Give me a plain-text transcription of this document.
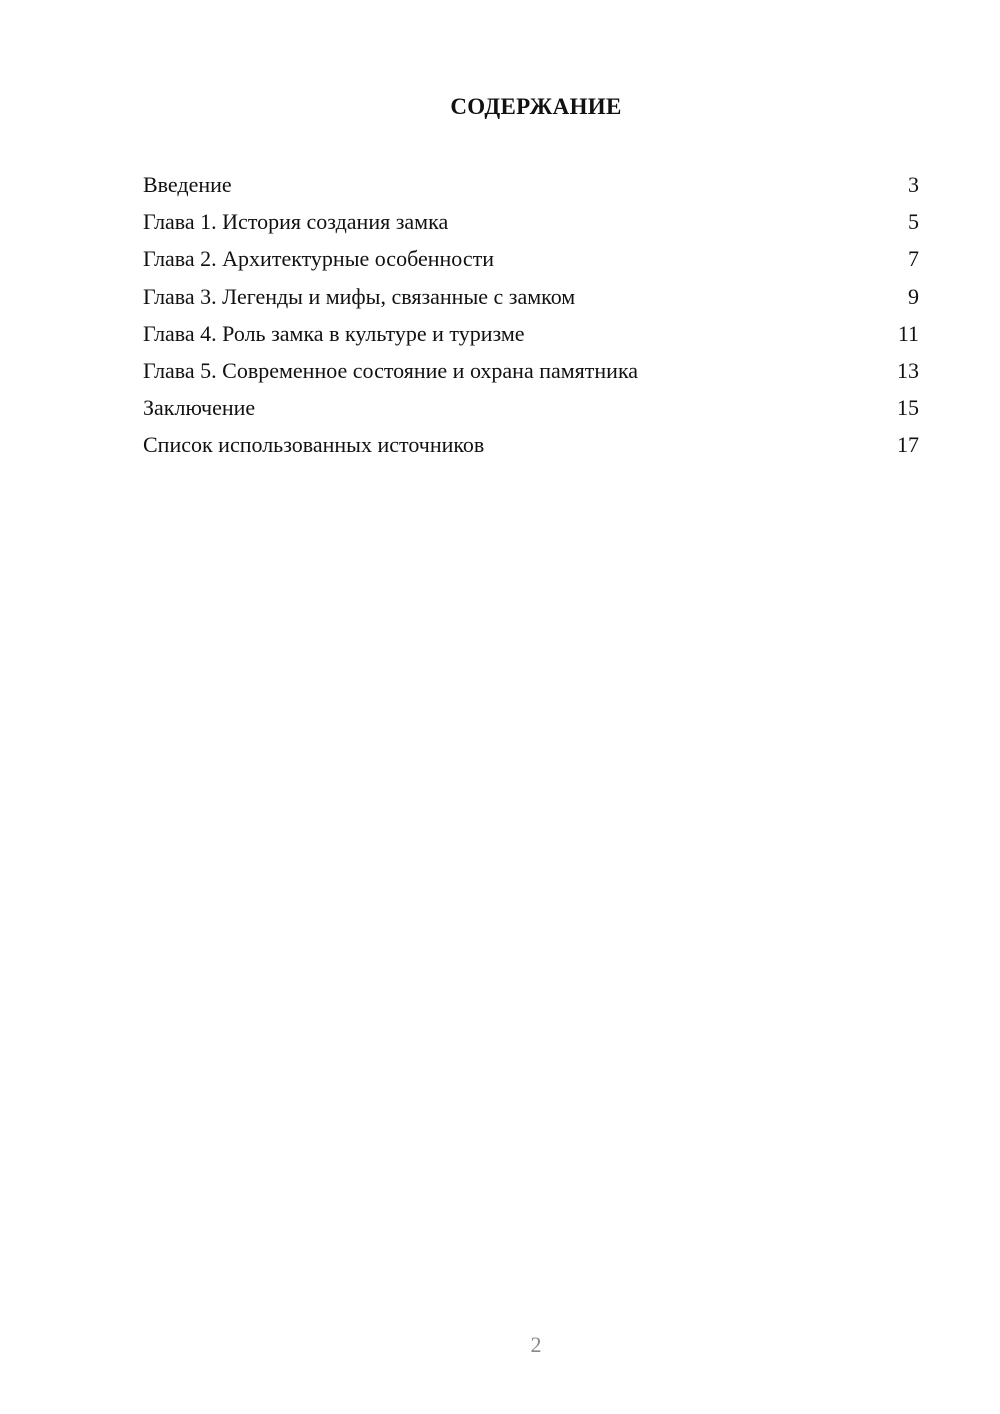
СОДЕРЖАНИЕ
Введение	3
Глава 1. История создания замка	5
Глава 2. Архитектурные особенности	7
Глава 3. Легенды и мифы, связанные с замком	9
Глава 4. Роль замка в культуре и туризме	11
Глава 5. Современное состояние и охрана памятника	13
Заключение	15
Список использованных источников	17
2
